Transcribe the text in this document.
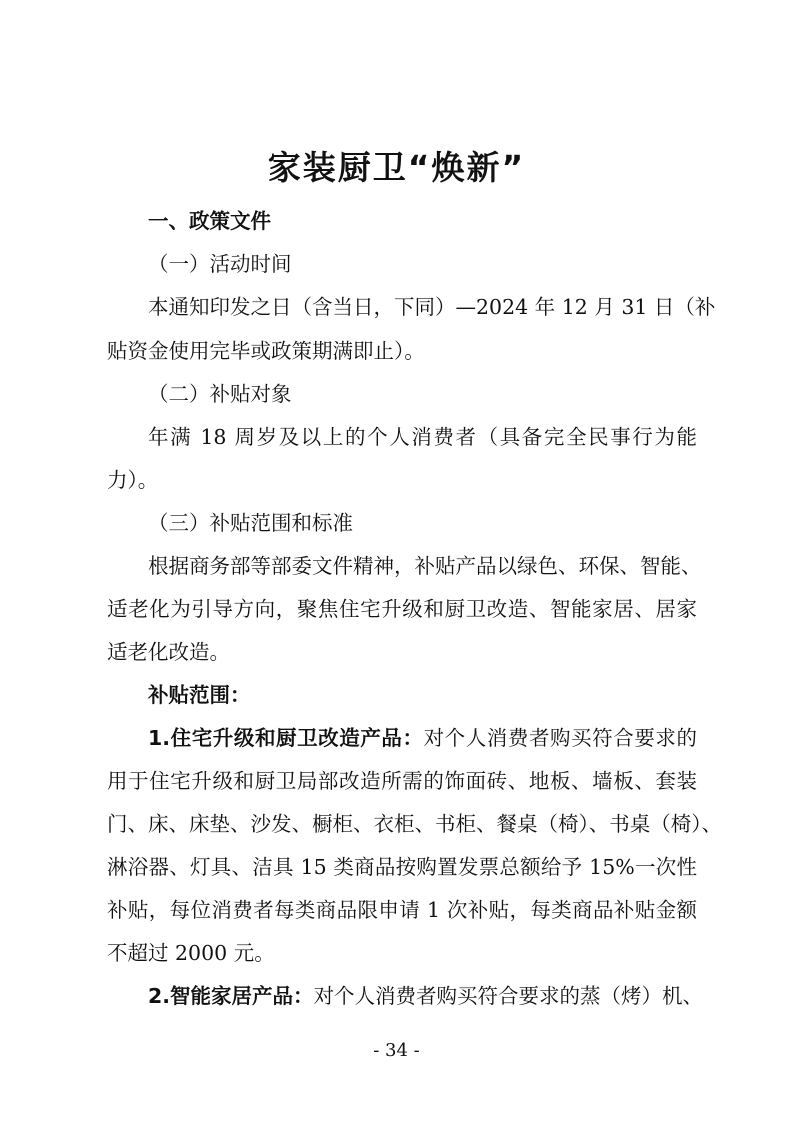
家装厨卫“焕新”
一、政策文件
（一）活动时间
本通知印发之日（含当日，下同）—2024 年 12 月 31 日（补
贴资金使用完毕或政策期满即止）。
（二）补贴对象
年满 18 周岁及以上的个人消费者（具备完全民事行为能
力）。
（三）补贴范围和标准
根据商务部等部委文件精神，补贴产品以绿色、环保、智能、
适老化为引导方向，聚焦住宅升级和厨卫改造、智能家居、居家
适老化改造。
补贴范围：
1.住宅升级和厨卫改造产品：对个人消费者购买符合要求的
用于住宅升级和厨卫局部改造所需的饰面砖、地板、墙板、套装
门、床、床垫、沙发、橱柜、衣柜、书柜、餐桌（椅）、书桌（椅）、
淋浴器、灯具、洁具 15 类商品按购置发票总额给予 15%一次性
补贴，每位消费者每类商品限申请 1 次补贴，每类商品补贴金额
不超过 2000 元。
2.智能家居产品：对个人消费者购买符合要求的蒸（烤）机、
- 34 -
